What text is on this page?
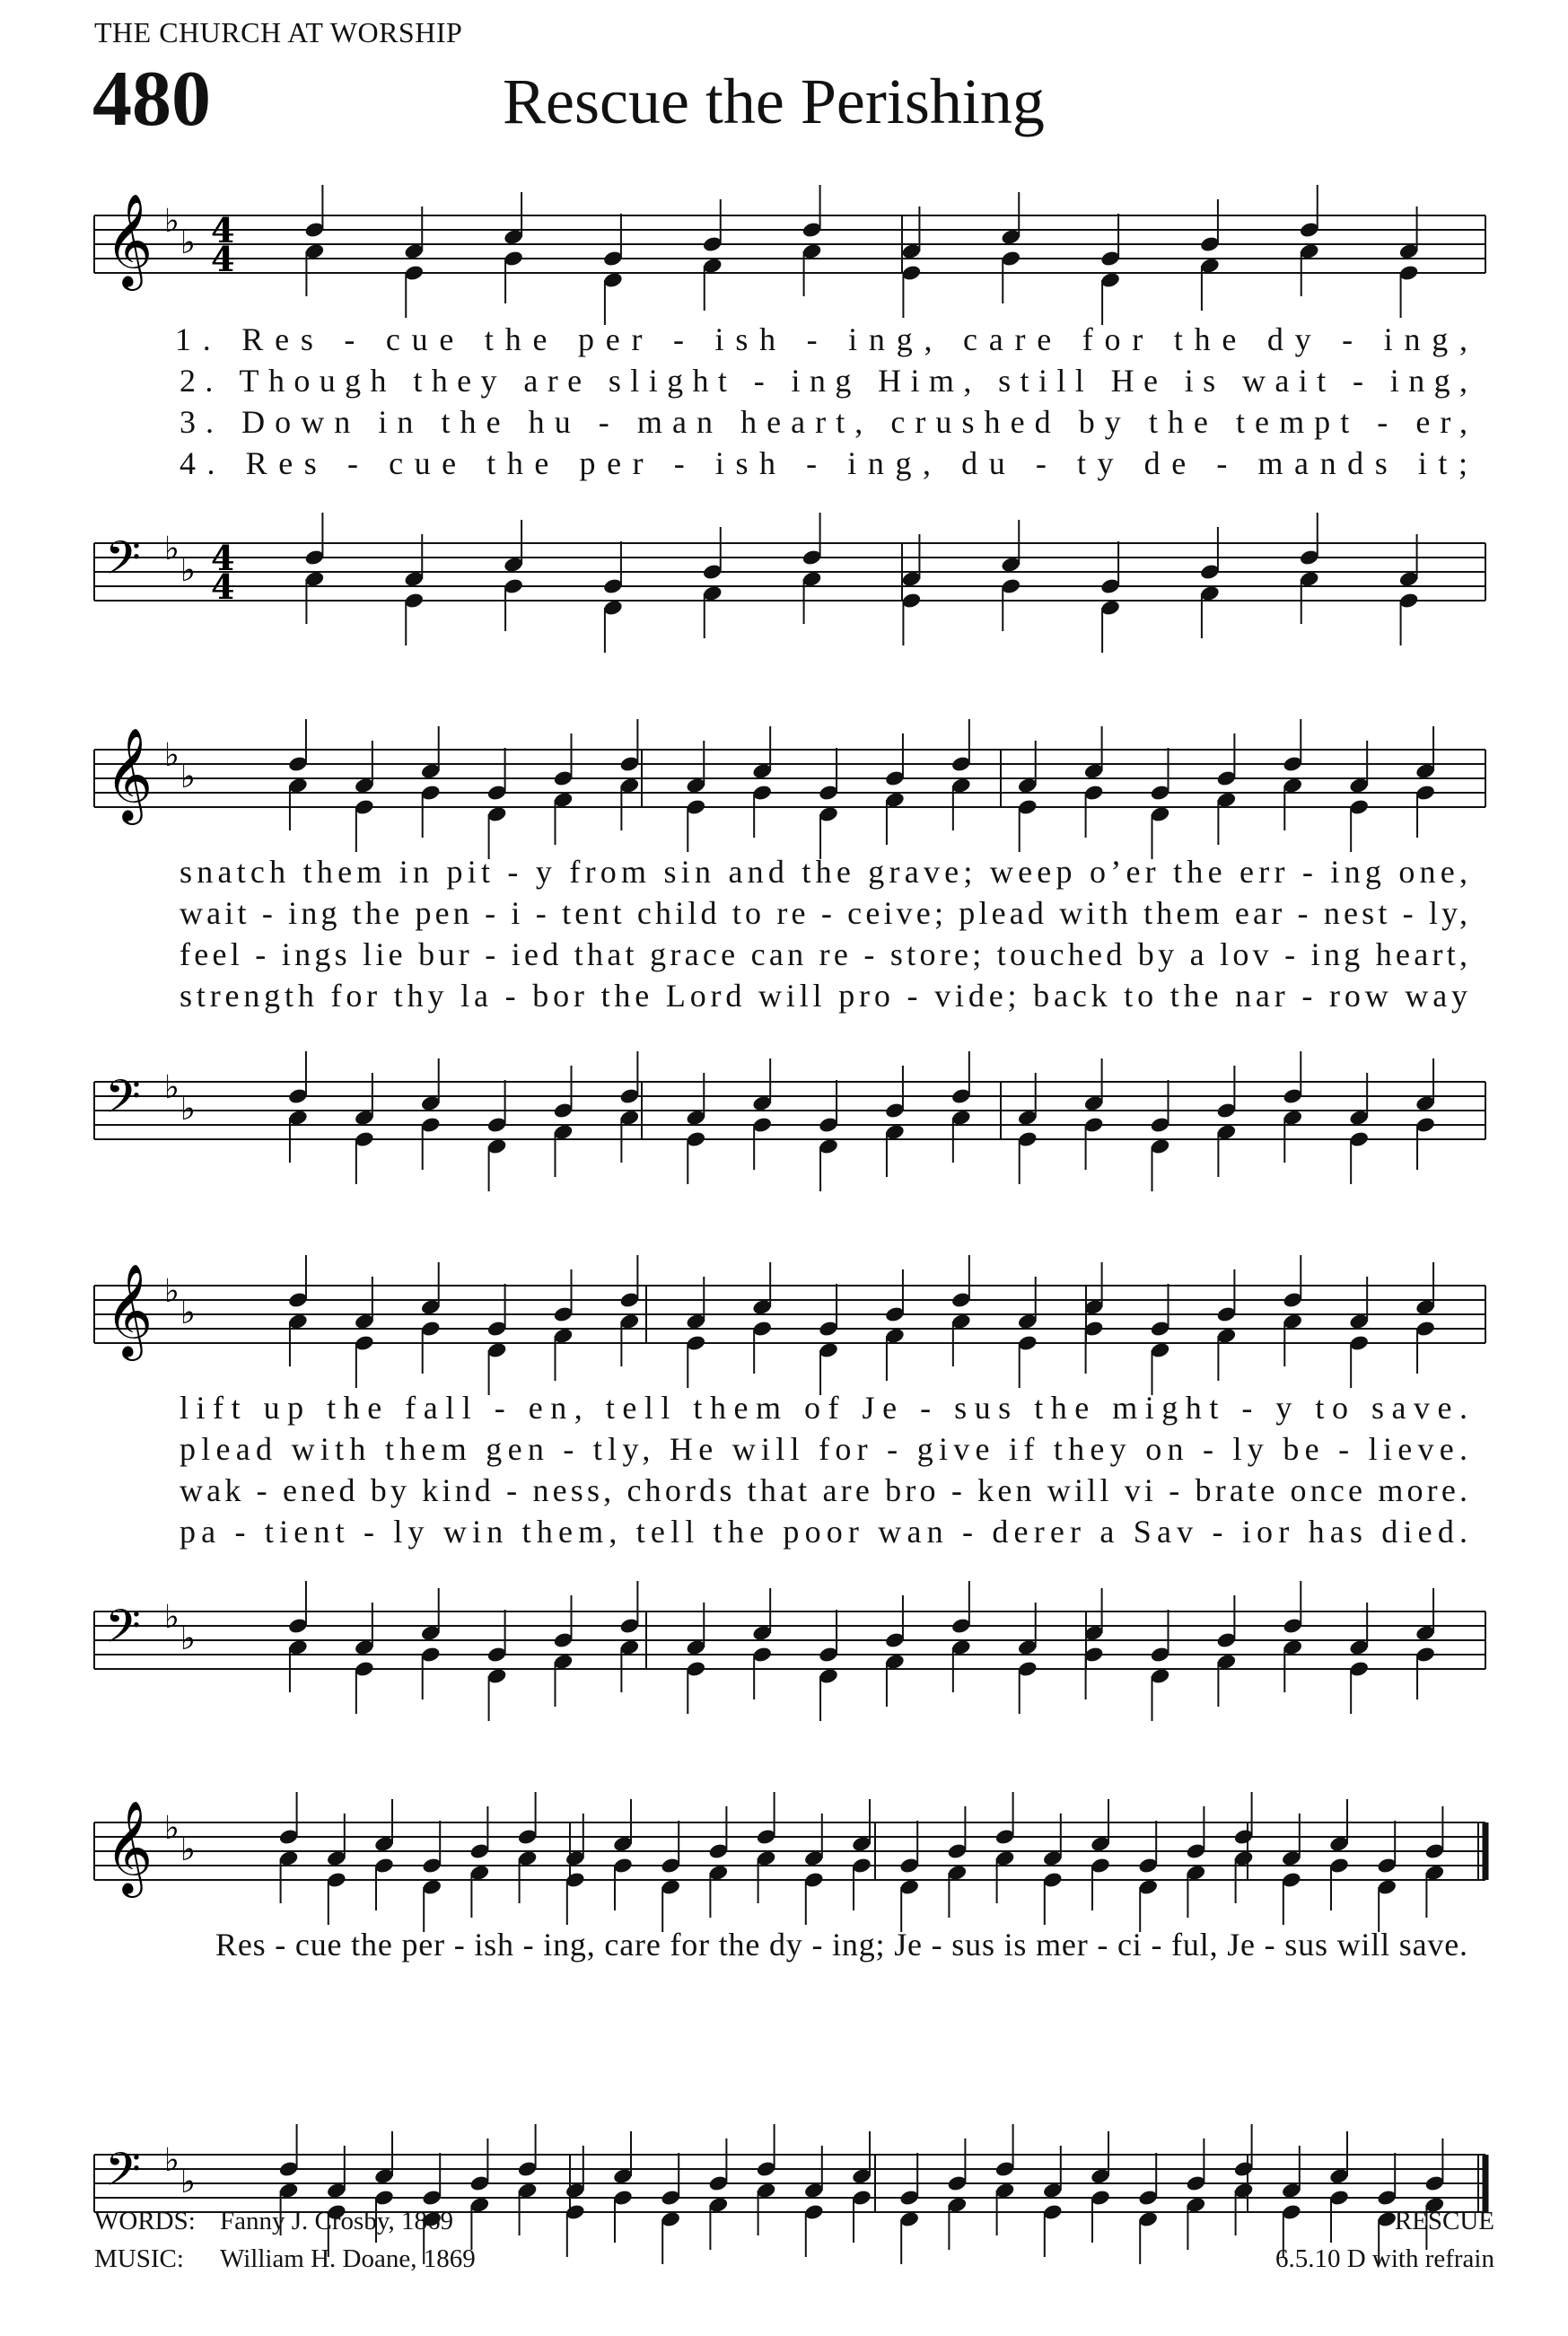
THE CHURCH AT WORSHIP
480	Rescue the Perishing
𝄞 ♭
♭
𝄢 ♭
♭
1. Res - cue the per - ish - ing, care for the dy - ing,
2. Though they are slight - ing Him, still He is wait - ing,
3. Down in the hu - man heart, crushed by the tempt - er,
4. Res - cue the per - ish - ing, du - ty de - mands it;
𝄞 ♭
♭
𝄢 ♭
♭
snatch them in pit - y from sin and the grave; weep o’er the err - ing one,
wait - ing the pen - i - tent child to re - ceive; plead with them ear - nest - ly,
feel - ings lie bur - ied that grace can re - store; touched by a lov - ing heart,
strength for thy la - bor the Lord will pro - vide; back to the nar - row way
𝄞 ♭
♭
𝄢 ♭
♭
lift up the fall - en, tell them of Je - sus the might - y to save.
plead with them gen - tly, He will for - give if they on - ly be - lieve.
wak - ened by kind - ness, chords that are bro - ken will vi - brate once more.
pa - tient - ly win them, tell the poor wan - derer a Sav - ior has died.
𝄞 ♭
♭
𝄢 ♭
♭
Res - cue the per - ish - ing, care for the dy - ing; Je - sus is mer - ci - ful, Je - sus will save.
4
4
4
4
WORDS: Fanny J. Crosby, 1869
MUSIC: William H. Doane, 1869
RESCUE
6.5.10 D with refrain
